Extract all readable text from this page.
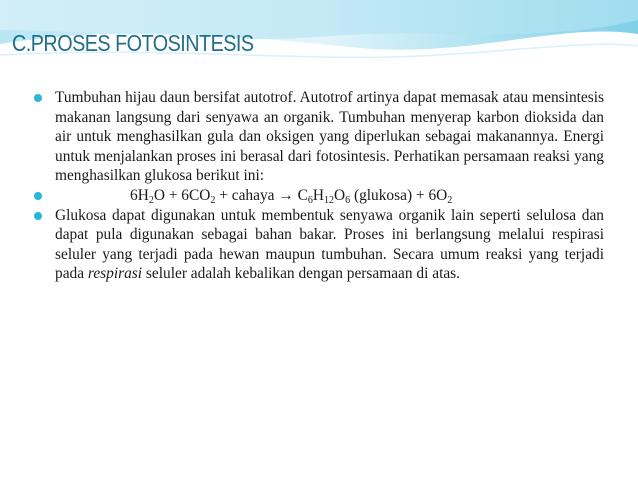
C.PROSES FOTOSINTESIS
Tumbuhan hijau daun bersifat autotrof. Autotrof artinya dapat memasak atau mensintesis makanan langsung dari senyawa an organik. Tumbuhan menyerap karbon dioksida dan air untuk menghasilkan gula dan oksigen yang diperlukan sebagai makanannya. Energi untuk menjalankan proses ini berasal dari fotosintesis. Perhatikan persamaan reaksi yang menghasilkan glukosa berikut ini:
$6H_2O + 6CO_2$ + cahaya → $C_6H_{12}O_6$ (glukosa) + $6O_2$
Glukosa dapat digunakan untuk membentuk senyawa organik lain seperti selulosa dan dapat pula digunakan sebagai bahan bakar. Proses ini berlangsung melalui respirasi seluler yang terjadi pada hewan maupun tumbuhan. Secara umum reaksi yang terjadi pada respirasi seluler adalah kebalikan dengan persamaan di atas.
